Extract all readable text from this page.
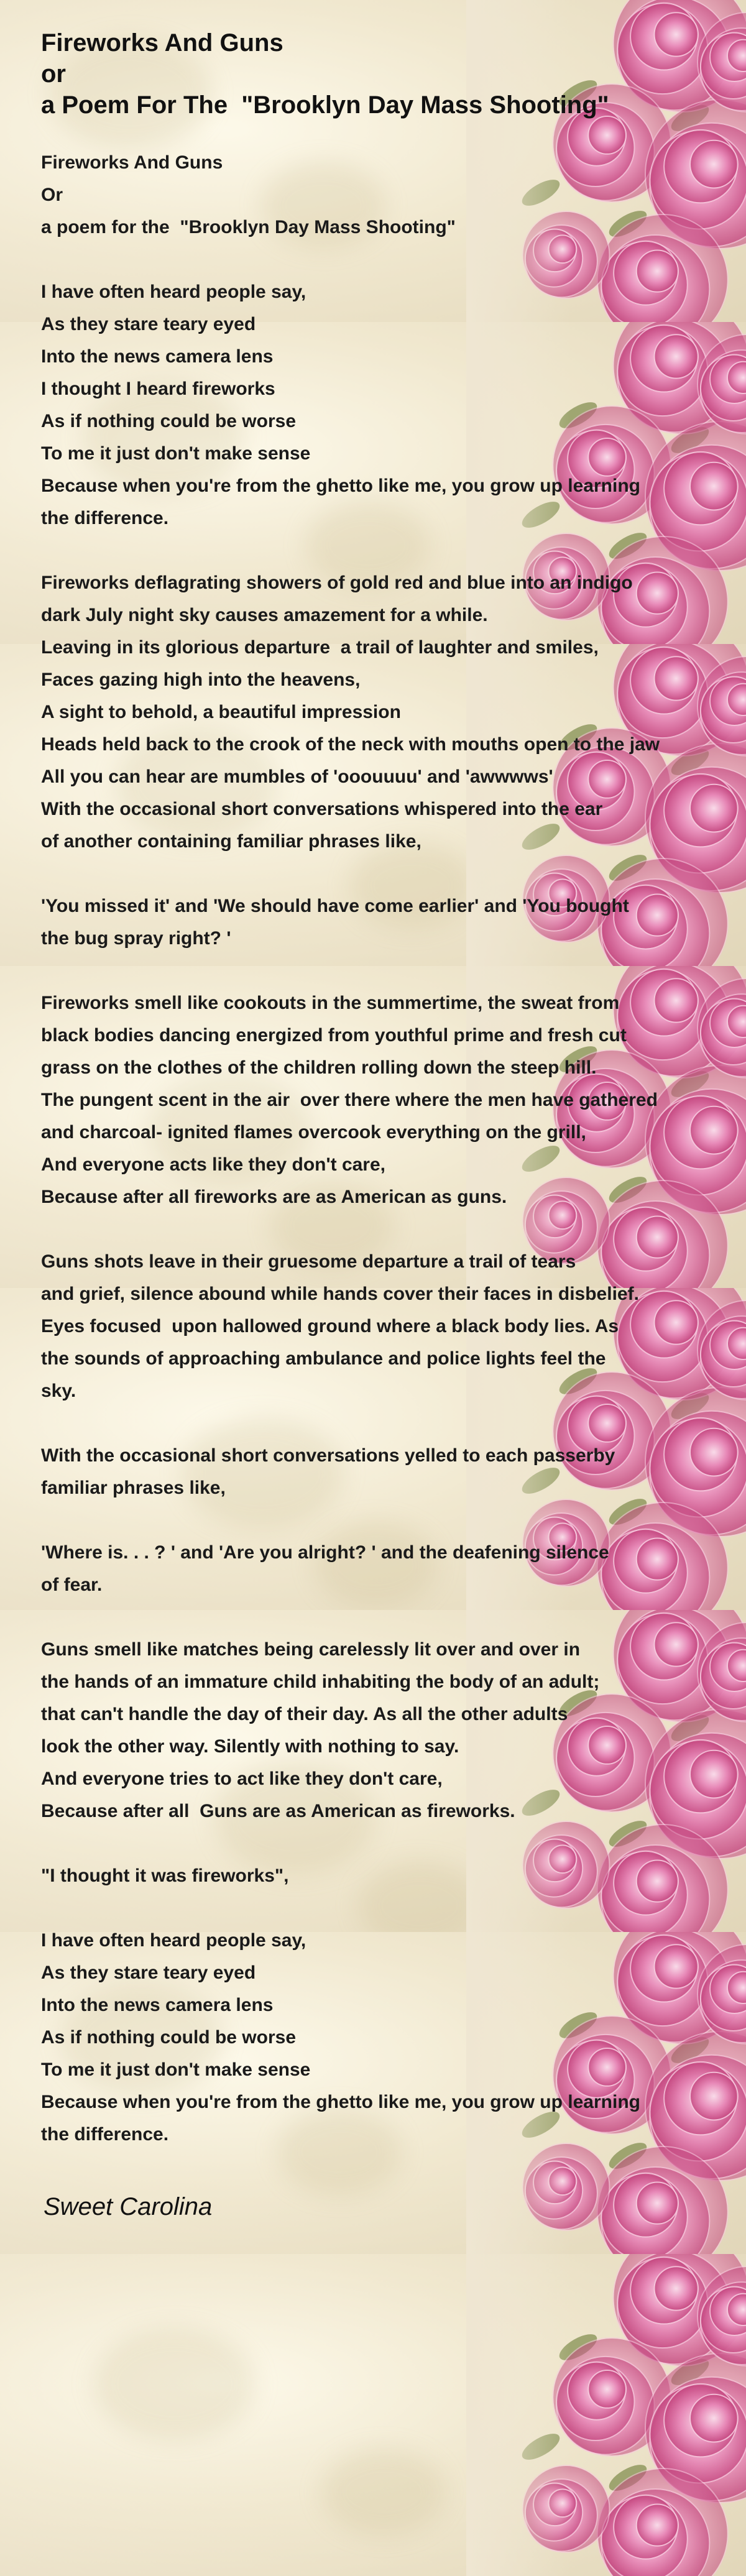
Fireworks And Guns
or
a Poem For The  "Brooklyn Day Mass Shooting"
Fireworks And Guns
Or
a poem for the  "Brooklyn Day Mass Shooting"
I have often heard people say,
As they stare teary eyed
Into the news camera lens
I thought I heard fireworks
As if nothing could be worse
To me it just don't make sense
Because when you're from the ghetto like me, you grow up learning
the difference.
Fireworks deflagrating showers of gold red and blue into an indigo
dark July night sky causes amazement for a while.
Leaving in its glorious departure  a trail of laughter and smiles,
Faces gazing high into the heavens,
A sight to behold, a beautiful impression
Heads held back to the crook of the neck with mouths open to the jaw
All you can hear are mumbles of 'ooouuuu' and 'awwwws'
With the occasional short conversations whispered into the ear
of another containing familiar phrases like,
'You missed it' and 'We should have come earlier' and 'You bought
the bug spray right? '
Fireworks smell like cookouts in the summertime, the sweat from
black bodies dancing energized from youthful prime and fresh cut
grass on the clothes of the children rolling down the steep hill.
The pungent scent in the air  over there where the men have gathered
and charcoal- ignited flames overcook everything on the grill,
And everyone acts like they don't care,
Because after all fireworks are as American as guns.
Guns shots leave in their gruesome departure a trail of tears
and grief, silence abound while hands cover their faces in disbelief.
Eyes focused  upon hallowed ground where a black body lies. As
the sounds of approaching ambulance and police lights feel the
sky.
With the occasional short conversations yelled to each passerby
familiar phrases like,
'Where is. . . ? ' and 'Are you alright? ' and the deafening silence
of fear.
Guns smell like matches being carelessly lit over and over in
the hands of an immature child inhabiting the body of an adult;
that can't handle the day of their day. As all the other adults
look the other way. Silently with nothing to say.
And everyone tries to act like they don't care,
Because after all  Guns are as American as fireworks.
"I thought it was fireworks",
I have often heard people say,
As they stare teary eyed
Into the news camera lens
As if nothing could be worse
To me it just don't make sense
Because when you're from the ghetto like me, you grow up learning
the difference.
Sweet Carolina
